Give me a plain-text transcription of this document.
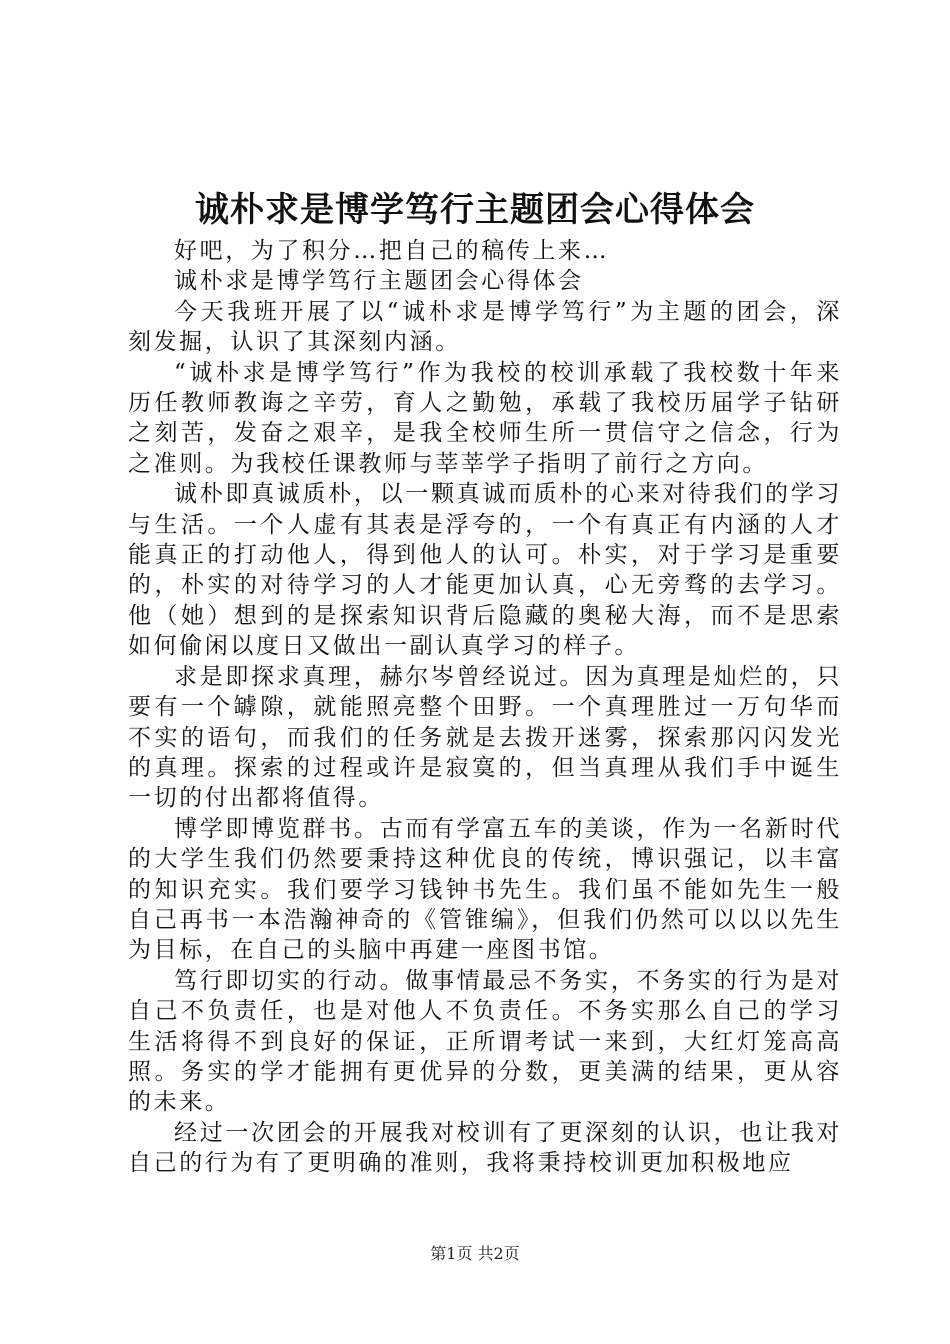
诚朴求是博学笃行主题团会心得体会

好吧，为了积分…把自己的稿传上来…

诚朴求是博学笃行主题团会心得体会

今天我班开展了以“诚朴求是博学笃行”为主题的团会，深刻发掘，认识了其深刻内涵。

“诚朴求是博学笃行”作为我校的校训承载了我校数十年来历任教师教诲之辛劳，育人之勤勉，承载了我校历届学子钻研之刻苦，发奋之艰辛，是我全校师生所一贯信守之信念，行为之准则。为我校任课教师与莘莘学子指明了前行之方向。

诚朴即真诚质朴，以一颗真诚而质朴的心来对待我们的学习与生活。一个人虚有其表是浮夸的，一个有真正有内涵的人才能真正的打动他人，得到他人的认可。朴实，对于学习是重要的，朴实的对待学习的人才能更加认真，心无旁骛的去学习。他（她）想到的是探索知识背后隐藏的奥秘大海，而不是思索如何偷闲以度日又做出一副认真学习的样子。

求是即探求真理，赫尔岑曾经说过。因为真理是灿烂的，只要有一个罅隙，就能照亮整个田野。一个真理胜过一万句华而不实的语句，而我们的任务就是去拨开迷雾，探索那闪闪发光的真理。探索的过程或许是寂寞的，但当真理从我们手中诞生一切的付出都将值得。

博学即博览群书。古而有学富五车的美谈，作为一名新时代的大学生我们仍然要秉持这种优良的传统，博识强记，以丰富的知识充实。我们要学习钱钟书先生。我们虽不能如先生一般自己再书一本浩瀚神奇的《管锥编》，但我们仍然可以以以先生为目标，在自己的头脑中再建一座图书馆。

笃行即切实的行动。做事情最忌不务实，不务实的行为是对自己不负责任，也是对他人不负责任。不务实那么自己的学习生活将得不到良好的保证，正所谓考试一来到，大红灯笼高高照。务实的学才能拥有更优异的分数，更美满的结果，更从容的未来。

经过一次团会的开展我对校训有了更深刻的认识，也让我对自己的行为有了更明确的准则，我将秉持校训更加积极地应

第1页 共2页
